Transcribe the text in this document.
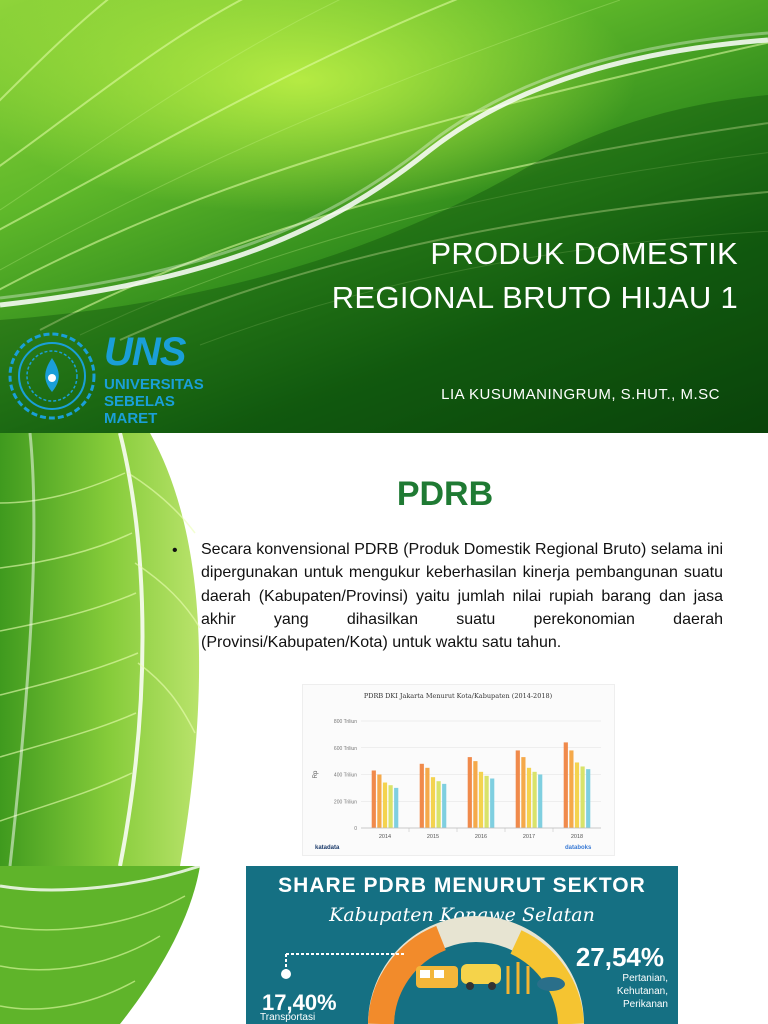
PRODUK DOMESTIK
REGIONAL BRUTO HIJAU 1
LIA KUSUMANINGRUM, S.HUT., M.SC
UNS
UNIVERSITAS
SEBELAS MARET
PDRB
•	Secara konvensional PDRB (Produk Domestik Regional Bruto) selama ini dipergunakan untuk mengukur keberhasilan kinerja pembangunan suatu daerah (Kabupaten/Provinsi) yaitu jumlah nilai rupiah barang dan jasa akhir yang dihasilkan suatu perekonomian daerah (Provinsi/Kabupaten/Kota) untuk waktu satu tahun.
PDRB DKI Jakarta Menurut Kota/Kabupaten (2014-2018)
0
200 Triliun
400 Triliun
600 Triliun
800 Triliun
Rp
2014	2015	2016	2017	2018
katadata	databoks
SHARE PDRB MENURUT SEKTOR
Kabupaten Konawe Selatan
27,54%
Pertanian,
Kehutanan,
Perikanan
17,40%
Transportasi
